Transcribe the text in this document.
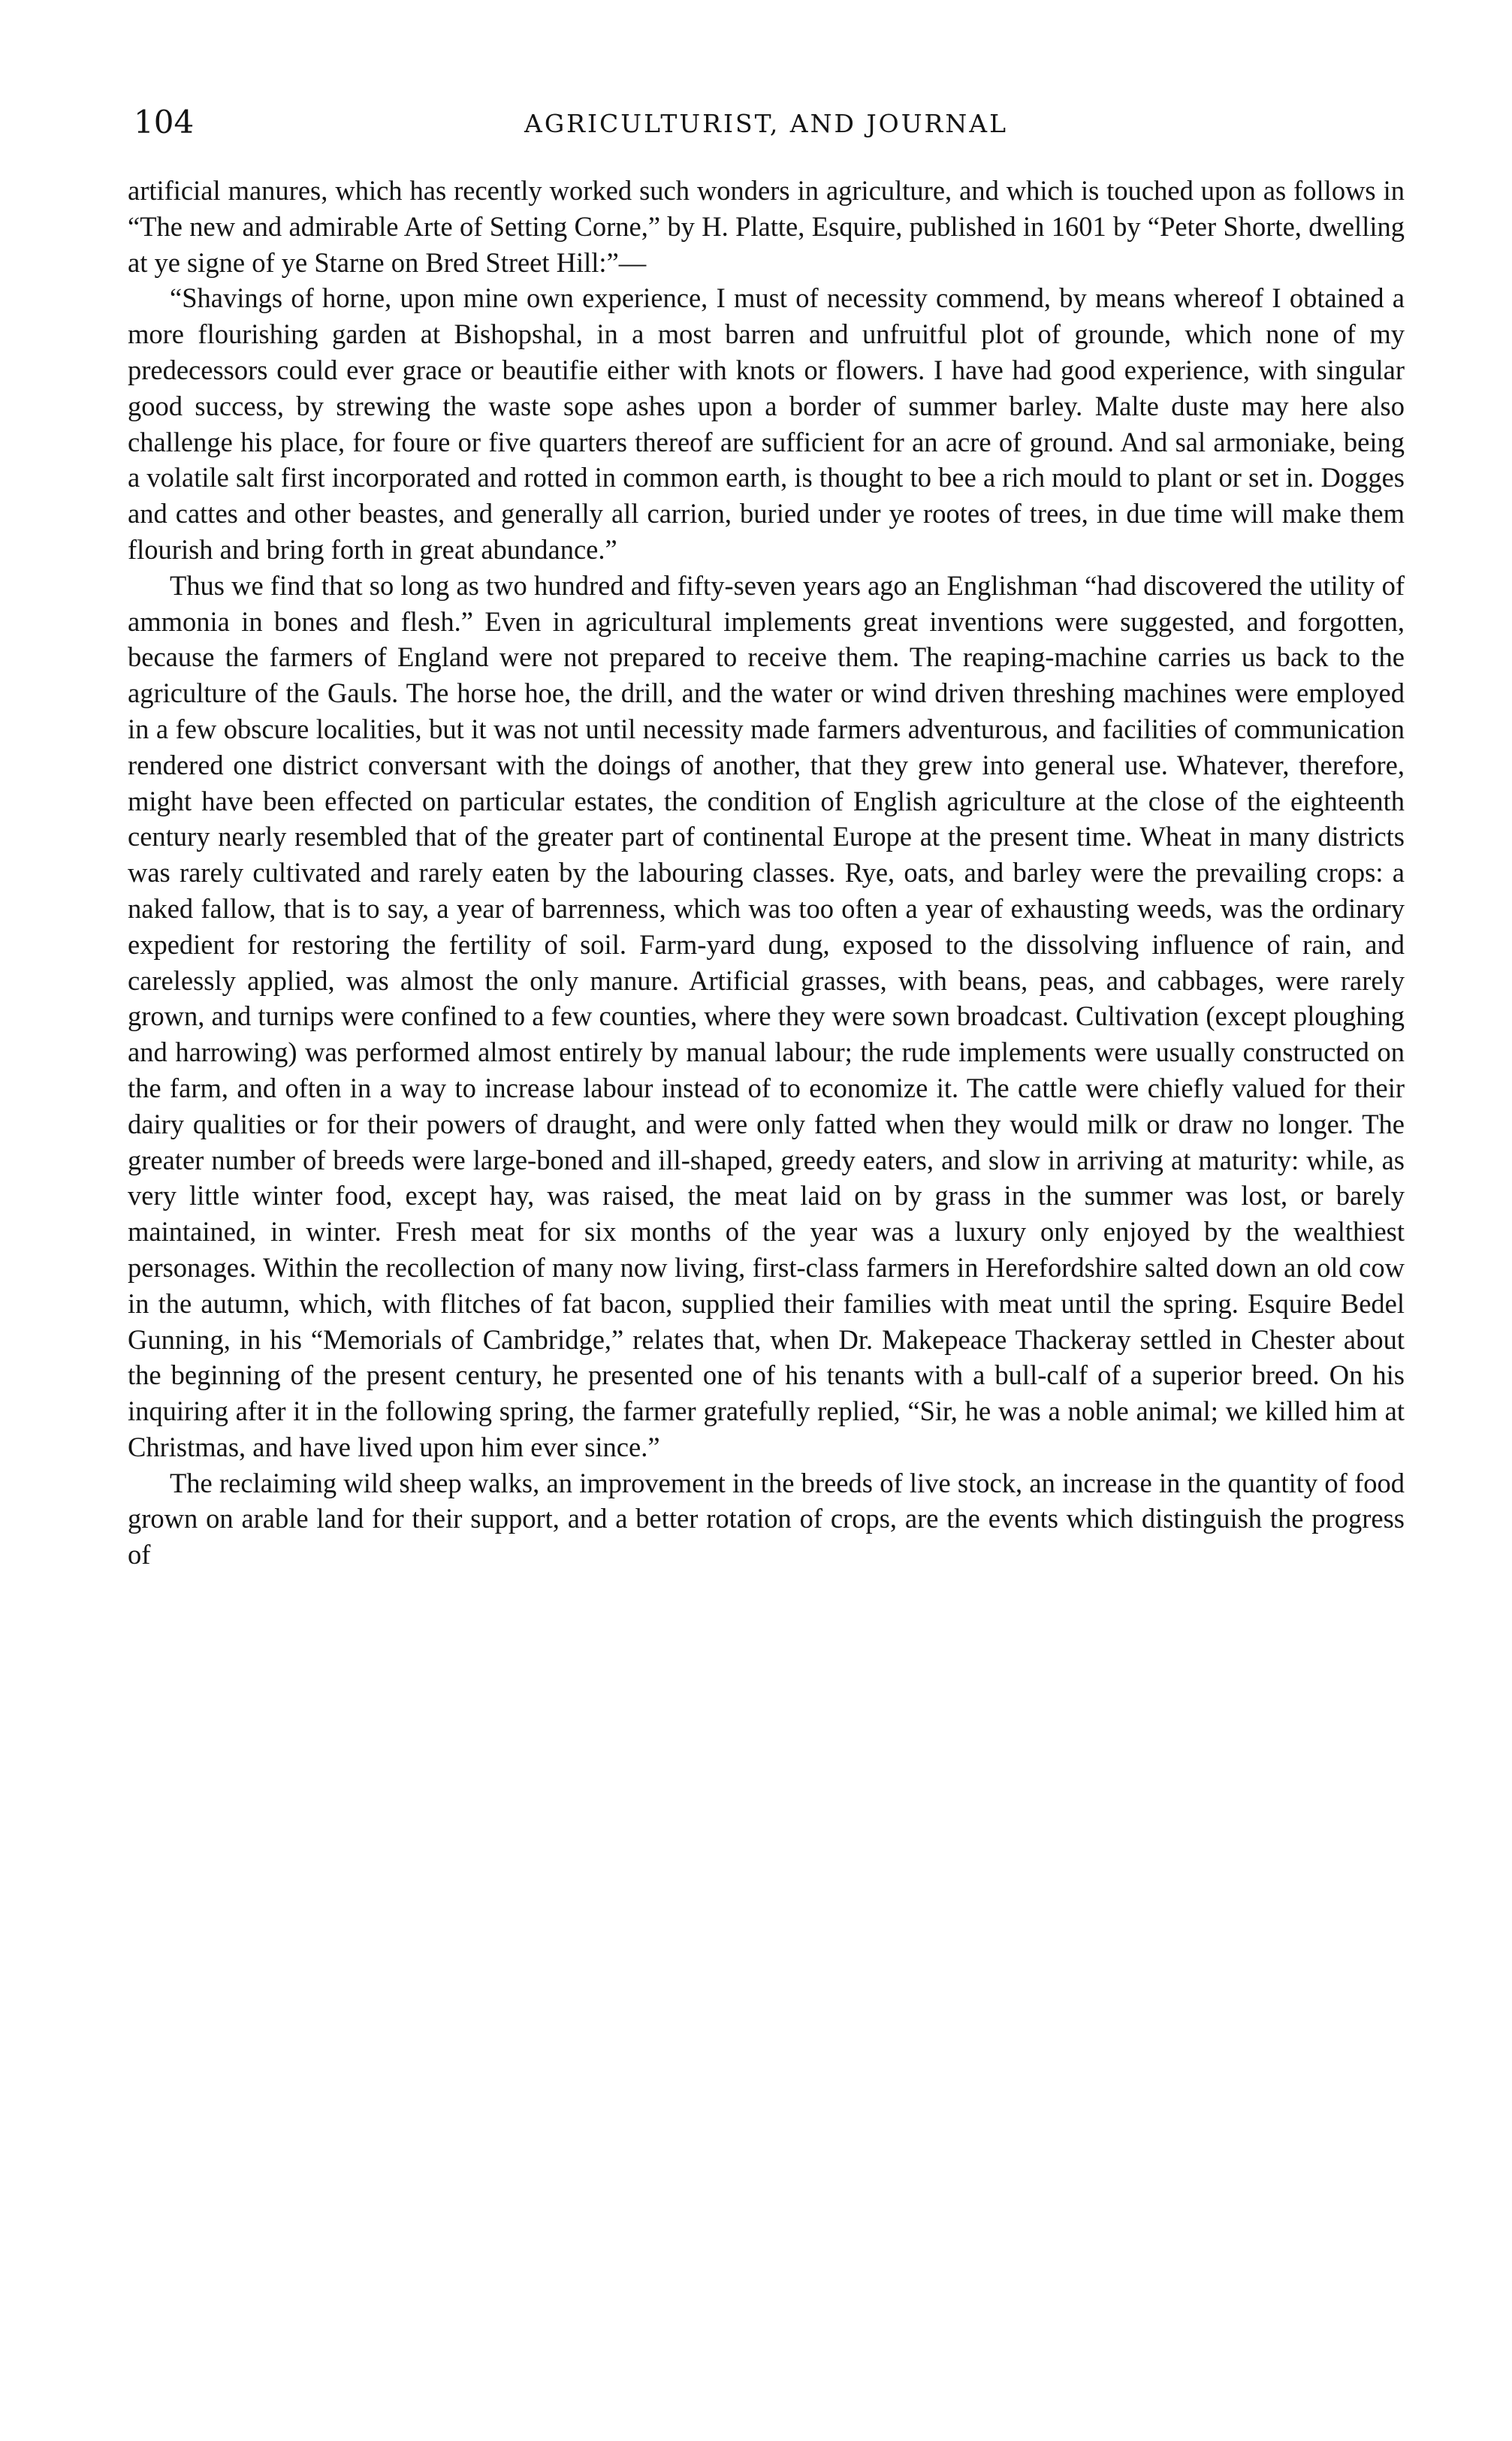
104	AGRICULTURIST, AND JOURNAL

artificial manures, which has recently worked such wonders in agriculture, and which is touched upon as follows in “The new and admirable Arte of Setting Corne,” by H. Platte, Esquire, published in 1601 by “Peter Shorte, dwelling at ye signe of ye Starne on Bred Street Hill:”—

“Shavings of horne, upon mine own experience, I must of necessity commend, by means whereof I obtained a more flourishing garden at Bishopshal, in a most barren and unfruitful plot of grounde, which none of my predecessors could ever grace or beautifie either with knots or flowers. I have had good experience, with singular good success, by strewing the waste sope ashes upon a border of summer barley. Malte duste may here also challenge his place, for foure or five quarters thereof are sufficient for an acre of ground. And sal armoniake, being a volatile salt first incorporated and rotted in common earth, is thought to bee a rich mould to plant or set in. Dogges and cattes and other beastes, and generally all carrion, buried under ye rootes of trees, in due time will make them flourish and bring forth in great abundance.”

Thus we find that so long as two hundred and fifty-seven years ago an Englishman “had discovered the utility of ammonia in bones and flesh.” Even in agricultural implements great inventions were suggested, and forgotten, because the farmers of England were not prepared to receive them. The reaping-machine carries us back to the agriculture of the Gauls. The horse hoe, the drill, and the water or wind driven threshing machines were employed in a few obscure localities, but it was not until necessity made farmers adventurous, and facilities of communication rendered one district conversant with the doings of another, that they grew into general use. Whatever, therefore, might have been effected on particular estates, the condition of English agriculture at the close of the eighteenth century nearly resembled that of the greater part of continental Europe at the present time. Wheat in many districts was rarely cultivated and rarely eaten by the labouring classes. Rye, oats, and barley were the prevailing crops: a naked fallow, that is to say, a year of barrenness, which was too often a year of exhausting weeds, was the ordinary expedient for restoring the fertility of soil. Farm-yard dung, exposed to the dissolving influence of rain, and carelessly applied, was almost the only manure. Artificial grasses, with beans, peas, and cabbages, were rarely grown, and turnips were confined to a few counties, where they were sown broadcast. Cultivation (except ploughing and harrowing) was performed almost entirely by manual labour; the rude implements were usually constructed on the farm, and often in a way to increase labour instead of to economize it. The cattle were chiefly valued for their dairy qualities or for their powers of draught, and were only fatted when they would milk or draw no longer. The greater number of breeds were large-boned and ill-shaped, greedy eaters, and slow in arriving at maturity: while, as very little winter food, except hay, was raised, the meat laid on by grass in the summer was lost, or barely maintained, in winter. Fresh meat for six months of the year was a luxury only enjoyed by the wealthiest personages. Within the recollection of many now living, first-class farmers in Herefordshire salted down an old cow in the autumn, which, with flitches of fat bacon, supplied their families with meat until the spring. Esquire Bedel Gunning, in his “Memorials of Cambridge,” relates that, when Dr. Makepeace Thackeray settled in Chester about the beginning of the present century, he presented one of his tenants with a bull-calf of a superior breed. On his inquiring after it in the following spring, the farmer gratefully replied, “Sir, he was a noble animal; we killed him at Christmas, and have lived upon him ever since.”

The reclaiming wild sheep walks, an improvement in the breeds of live stock, an increase in the quantity of food grown on arable land for their support, and a better rotation of crops, are the events which distinguish the progress of
